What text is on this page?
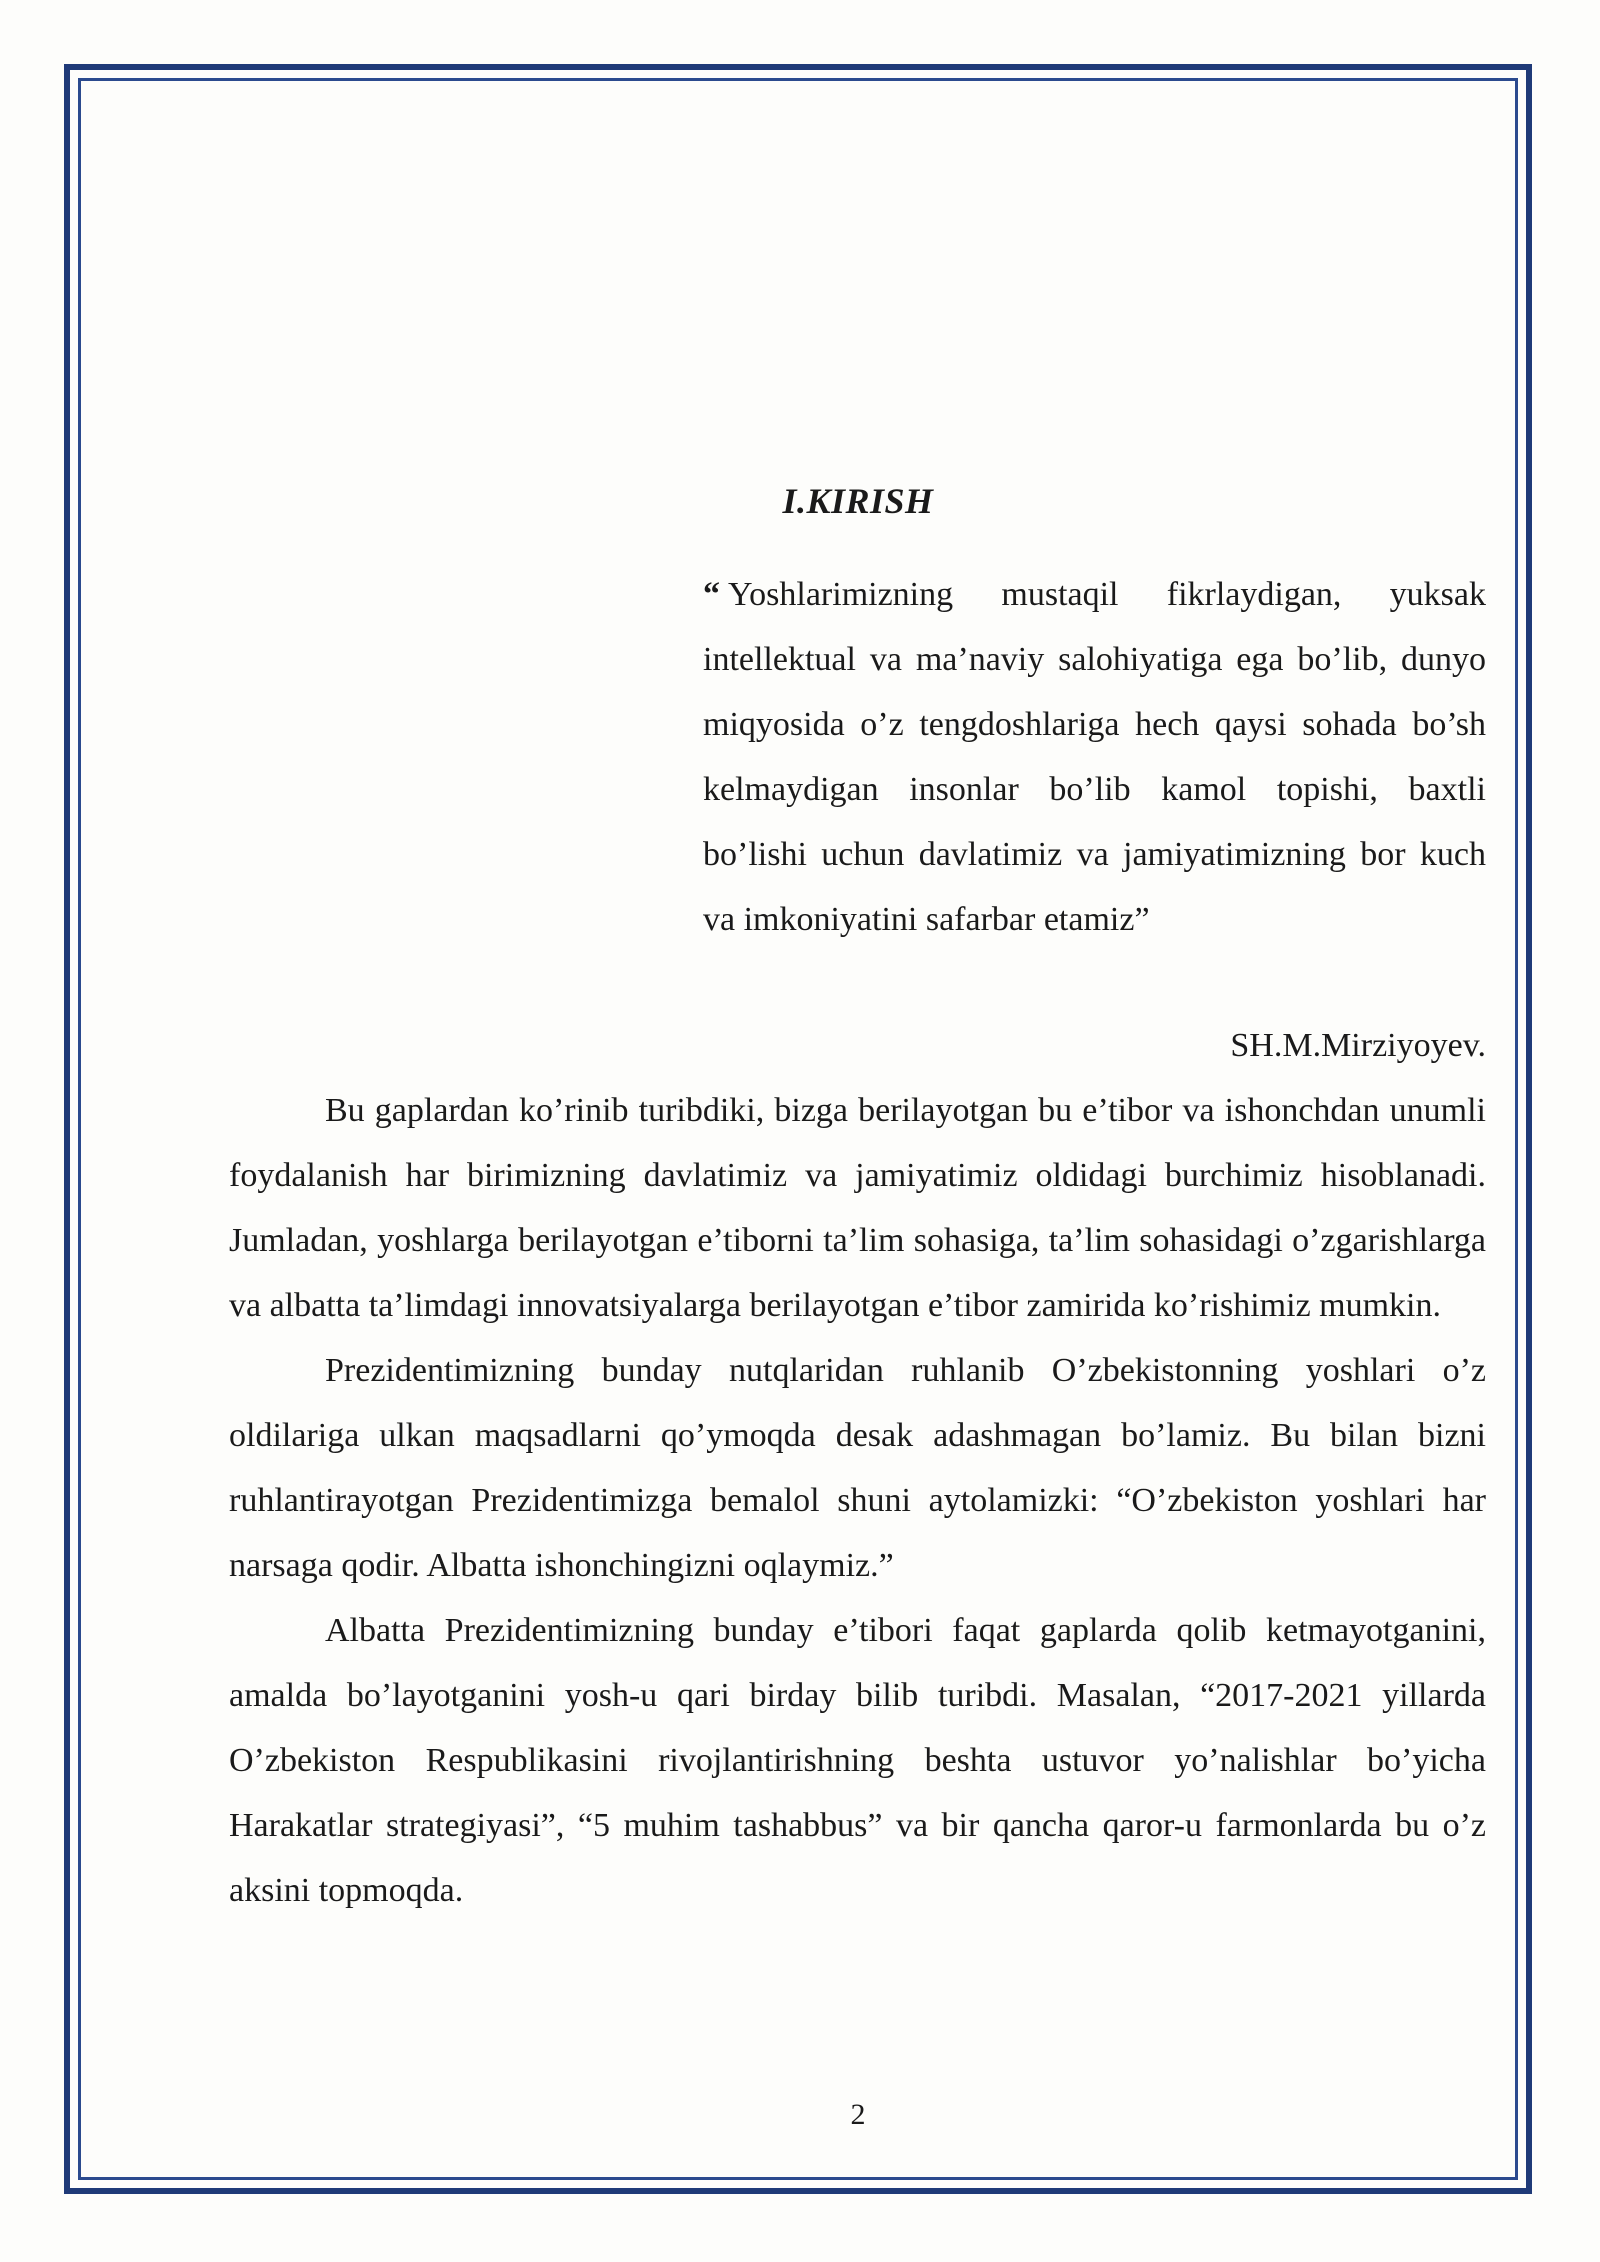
I.KIRISH
“ Yoshlarimizning mustaqil fikrlaydigan, yuksak intellektual va ma’naviy salohiyatiga ega bo’lib, dunyo miqyosida o’z tengdoshlariga hech qaysi sohada bo’sh kelmaydigan insonlar bo’lib kamol topishi, baxtli bo’lishi uchun davlatimiz va jamiyatimizning bor kuch va imkoniyatini safarbar etamiz”
SH.M.Mirziyoyev.

Bu gaplardan ko’rinib turibdiki, bizga berilayotgan bu e’tibor va ishonchdan unumli foydalanish har birimizning davlatimiz va jamiyatimiz oldidagi burchimiz hisoblanadi. Jumladan, yoshlarga berilayotgan e’tiborni ta’lim sohasiga, ta’lim sohasidagi o’zgarishlarga va albatta ta’limdagi innovatsiyalarga berilayotgan e’tibor zamirida ko’rishimiz mumkin.

Prezidentimizning bunday nutqlaridan ruhlanib O’zbekistonning yoshlari o’z oldilariga ulkan maqsadlarni qo’ymoqda desak adashmagan bo’lamiz. Bu bilan bizni ruhlantirayotgan Prezidentimizga bemalol shuni aytolamizki: “O’zbekiston yoshlari har narsaga qodir. Albatta ishonchingizni oqlaymiz.”

Albatta Prezidentimizning bunday e’tibori faqat gaplarda qolib ketmayotganini, amalda bo’layotganini yosh-u qari birday bilib turibdi. Masalan, “2017-2021 yillarda O’zbekiston Respublikasini rivojlantirishning beshta ustuvor yo’nalishlar bo’yicha Harakatlar strategiyasi”, “5 muhim tashabbus” va bir qancha qaror-u farmonlarda bu o’z aksini topmoqda.

2
